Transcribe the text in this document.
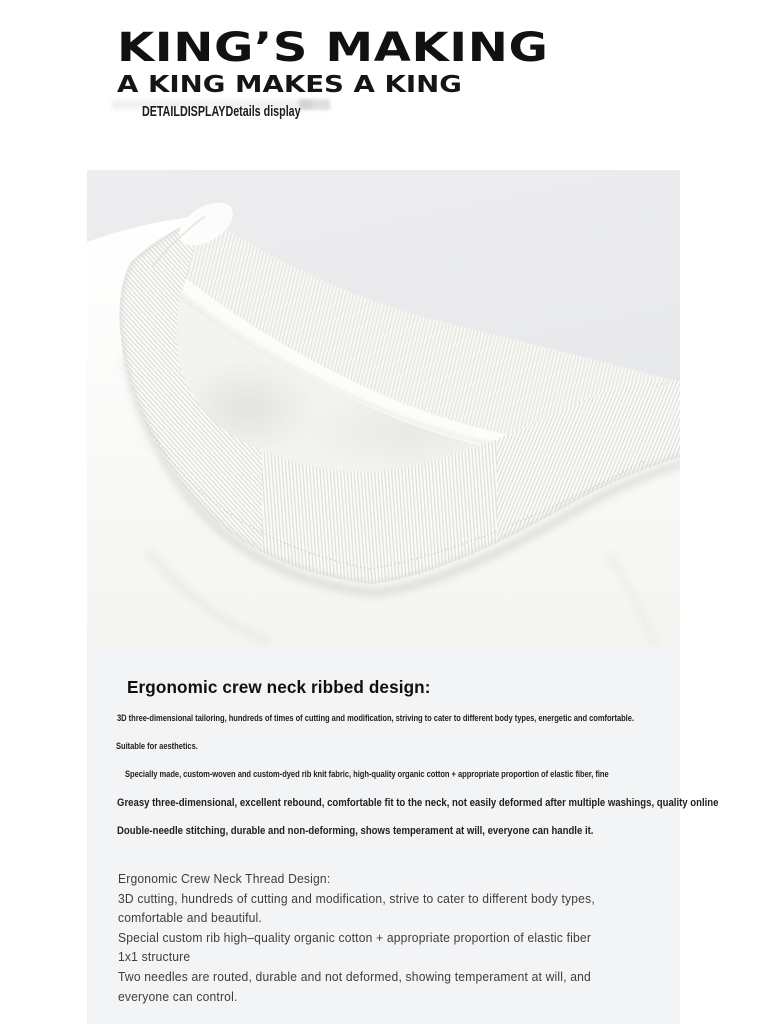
KING’S MAKING
A KING MAKES A KING
DETAILDISPLAYDetails display
Ergonomic crew neck ribbed design:

3D three-dimensional tailoring, hundreds of times of cutting and modification, striving to cater to different body types, energetic and comfortable.

Suitable for aesthetics.

Specially made, custom-woven and custom-dyed rib knit fabric, high-quality organic cotton + appropriate proportion of elastic fiber, fine

Greasy three-dimensional, excellent rebound, comfortable fit to the neck, not easily deformed after multiple washings, quality online

Double-needle stitching, durable and non-deforming, shows temperament at will, everyone can handle it.

Ergonomic Crew Neck Thread Design:

3D cutting, hundreds of cutting and modification, strive to cater to different body types,

comfortable and beautiful.

Special custom rib high–quality organic cotton + appropriate proportion of elastic fiber

1x1 structure

Two needles are routed, durable and not deformed, showing temperament at will, and

everyone can control.
